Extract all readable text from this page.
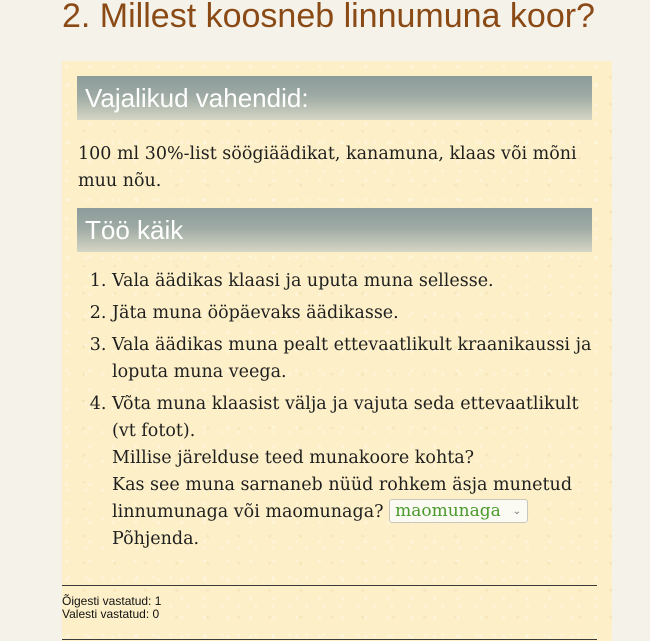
2. Millest koosneb linnumuna koor?
Vajalikud vahendid:
100 ml 30%-list söögiäädikat, kanamuna, klaas või mõni muu nõu.
Töö käik
1. Vala äädikas klaasi ja uputa muna sellesse.
2. Jäta muna ööpäevaks äädikasse.
3. Vala äädikas muna pealt ettevaatlikult kraanikaussi ja loputa muna veega.
4. Võta muna klaasist välja ja vajuta seda ettevaatlikult (vt fotot).
Millise järelduse teed munakoore kohta?
Kas see muna sarnaneb nüüd rohkem äsja munetud linnumunaga või maomunaga? maomunaga ⌄
Põhjenda.
Õigesti vastatud: 1
Valesti vastatud: 0
